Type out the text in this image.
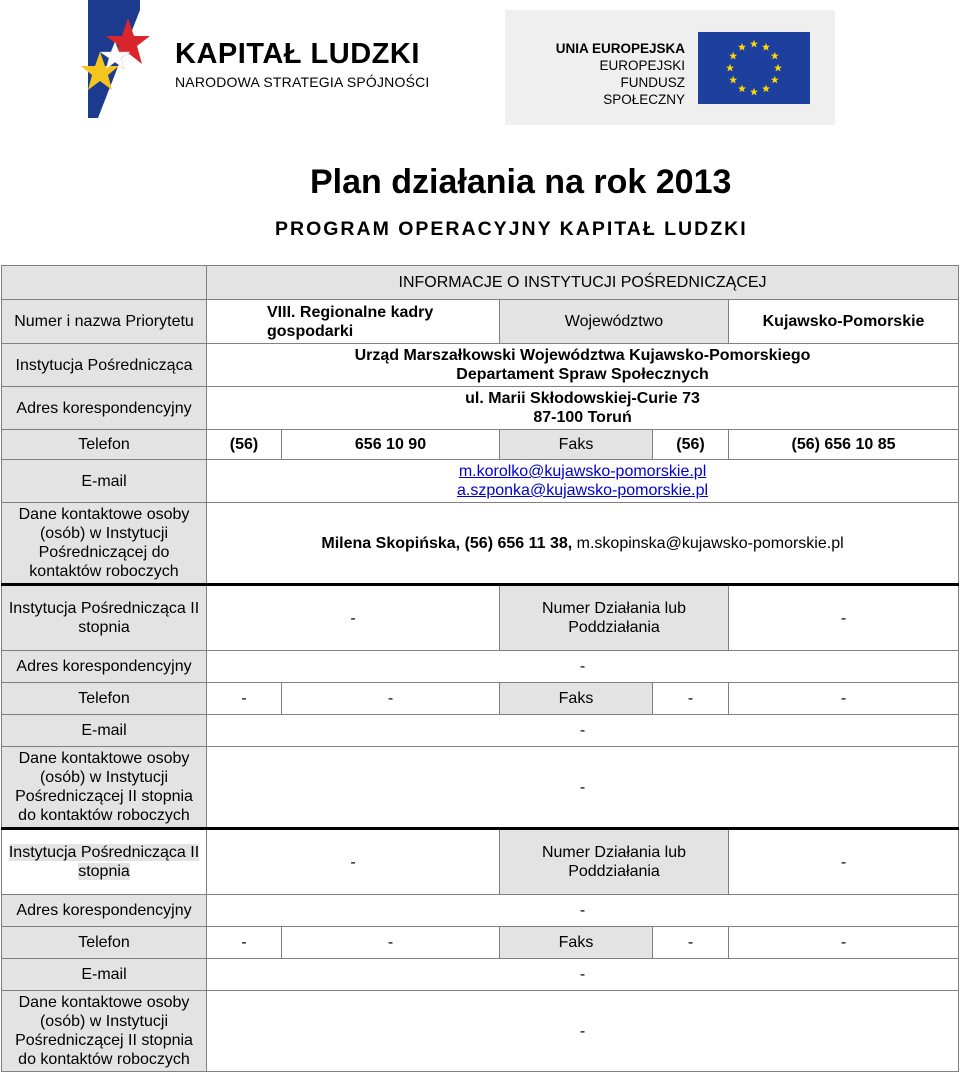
KAPITAŁ LUDZKI
NARODOWA STRATEGIA SPÓJNOŚCI
UNIA EUROPEJSKA
EUROPEJSKI
FUNDUSZ SPOŁECZNY
Plan działania na rok 2013
PROGRAM OPERACYJNY KAPITAŁ LUDZKI
	INFORMACJE O INSTYTUCJI POŚREDNICZĄCEJ				
Numer i nazwa Priorytetu	VIII. Regionalne kadry gospodarki		Województwo		Kujawsko-Pomorskie
Instytucja Pośrednicząca	Urząd Marszałkowski Województwa Kujawsko-Pomorskiego
Departament Spraw Społecznych				

Adres korespondencyjny	ul. Marii Skłodowskiej-Curie 73
87-100 Toruń				

Telefon	(56)	656 10 90	Faks	(56)	(56) 656 10 85
E-mail	m.korolko@kujawsko-pomorskie.pl
a.szponka@kujawsko-pomorskie.pl				

Dane kontaktowe osoby (osób) w Instytucji Pośredniczącej do kontaktów roboczych	Milena Skopińska, (56) 656 11 38, m.skopinska@kujawsko-pomorskie.pl				
Instytucja Pośrednicząca II stopnia	-		Numer Działania lub Poddziałania		-
Adres korespondencyjny	-				
Telefon	-	-	Faks	-	-
E-mail	-				
Dane kontaktowe osoby (osób) w Instytucji Pośredniczącej II stopnia do kontaktów roboczych	-				
Instytucja Pośrednicząca II stopnia	-		Numer Działania lub Poddziałania		-
Adres korespondencyjny	-				
Telefon	-	-	Faks	-	-
E-mail	-				
Dane kontaktowe osoby (osób) w Instytucji Pośredniczącej II stopnia do kontaktów roboczych	-				
